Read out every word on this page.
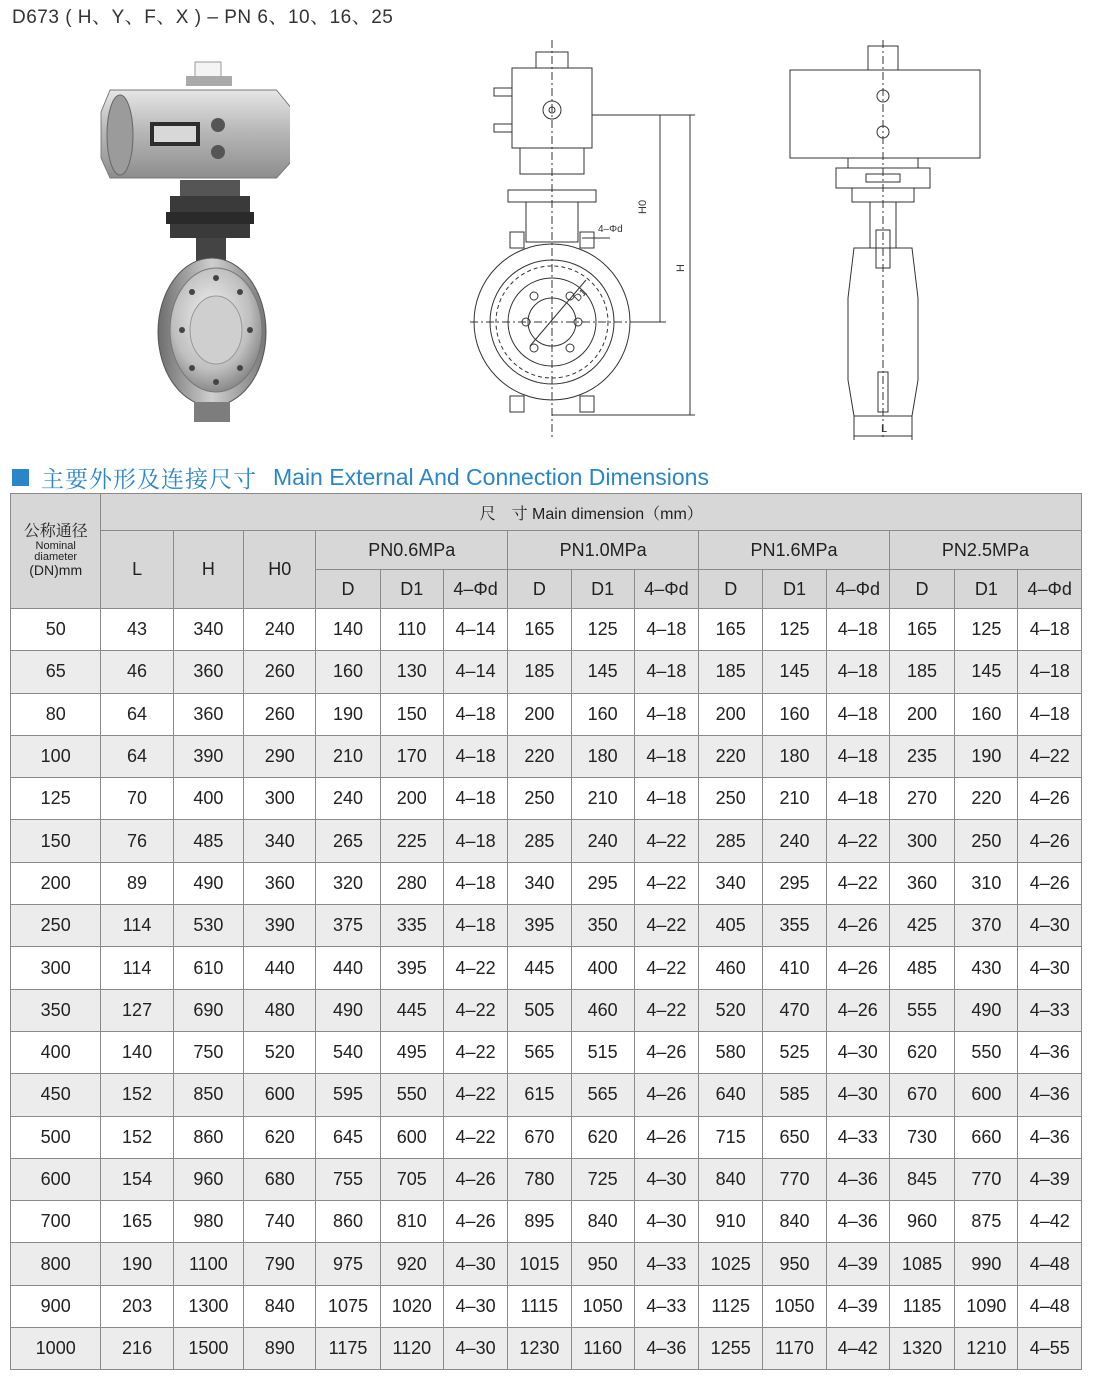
D673 ( H、Y、F、X ) – PN 6、10、16、25
H0
H
4–Φd
D1
L
主要外形及连接尺寸 Main External And Connection Dimensions
公称通径
Nominal
diameter
(DN)mm	尺　寸 Main dimension（mm）														
	L	H	H0	PN0.6MPa			PN1.0MPa			PN1.6MPa			PN2.5MPa		
				D	D1	4–Φd	D	D1	4–Φd	D	D1	4–Φd	D	D1	4–Φd
50	43	340	240	140	110	4–14	165	125	4–18	165	125	4–18	165	125	4–18
65	46	360	260	160	130	4–14	185	145	4–18	185	145	4–18	185	145	4–18
80	64	360	260	190	150	4–18	200	160	4–18	200	160	4–18	200	160	4–18
100	64	390	290	210	170	4–18	220	180	4–18	220	180	4–18	235	190	4–22
125	70	400	300	240	200	4–18	250	210	4–18	250	210	4–18	270	220	4–26
150	76	485	340	265	225	4–18	285	240	4–22	285	240	4–22	300	250	4–26
200	89	490	360	320	280	4–18	340	295	4–22	340	295	4–22	360	310	4–26
250	114	530	390	375	335	4–18	395	350	4–22	405	355	4–26	425	370	4–30
300	114	610	440	440	395	4–22	445	400	4–22	460	410	4–26	485	430	4–30
350	127	690	480	490	445	4–22	505	460	4–22	520	470	4–26	555	490	4–33
400	140	750	520	540	495	4–22	565	515	4–26	580	525	4–30	620	550	4–36
450	152	850	600	595	550	4–22	615	565	4–26	640	585	4–30	670	600	4–36
500	152	860	620	645	600	4–22	670	620	4–26	715	650	4–33	730	660	4–36
600	154	960	680	755	705	4–26	780	725	4–30	840	770	4–36	845	770	4–39
700	165	980	740	860	810	4–26	895	840	4–30	910	840	4–36	960	875	4–42
800	190	1100	790	975	920	4–30	1015	950	4–33	1025	950	4–39	1085	990	4–48
900	203	1300	840	1075	1020	4–30	1115	1050	4–33	1125	1050	4–39	1185	1090	4–48
1000	216	1500	890	1175	1120	4–30	1230	1160	4–36	1255	1170	4–42	1320	1210	4–55
